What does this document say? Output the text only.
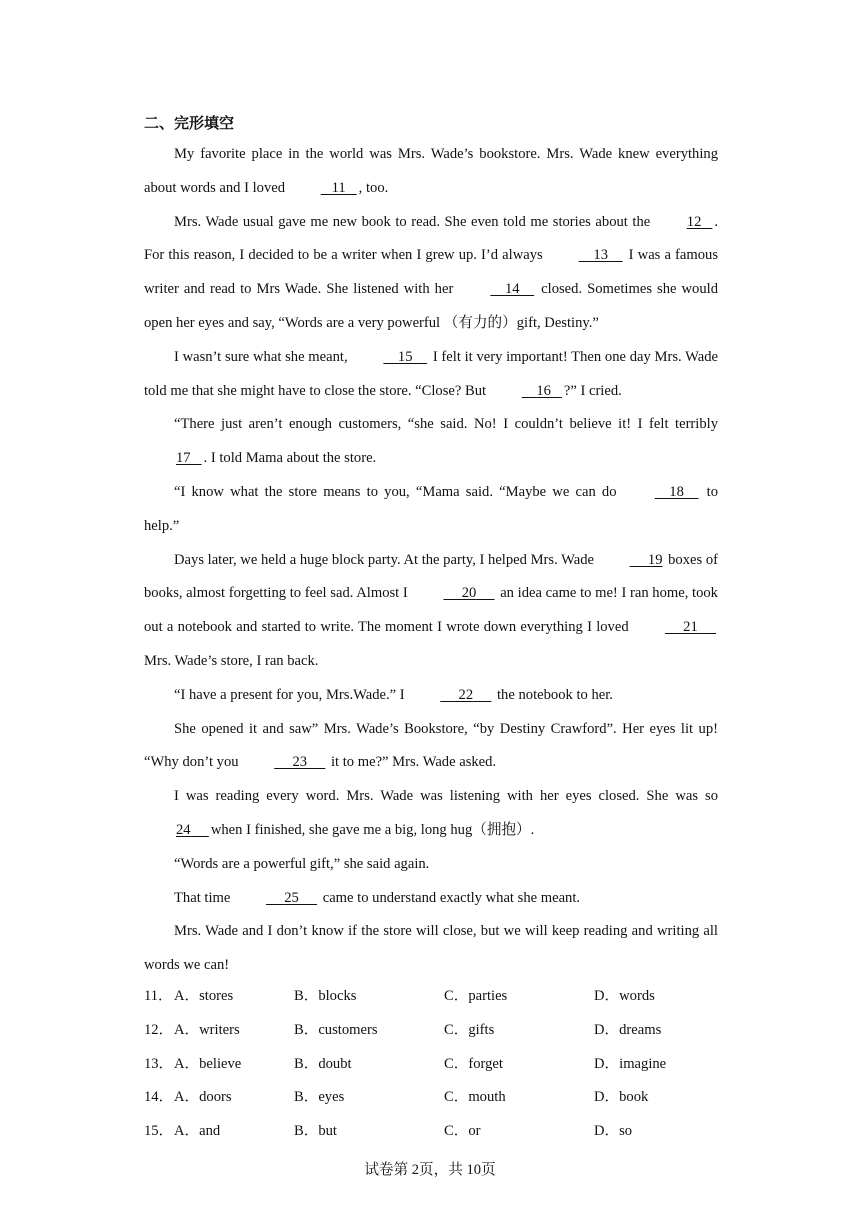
二、完形填空

My favorite place in the world was Mrs. Wade’s bookstore. Mrs. Wade knew everything about words and I loved	11 , too.

Mrs. Wade usual gave me new book to read. She even told me stories about the 12 . For this reason, I decided to be a writer when I grew up. I’d always	13     I was a famous writer and read to Mrs Wade. She listened with her	14     closed. Sometimes she would open her eyes and say, “Words are a very powerful （有力的）gift, Destiny.”

I wasn’t sure what she meant,	15     I felt it very important! Then one day Mrs. Wade told me that she might have to close the store. “Close? But	16 ?” I cried.

“There just aren’t enough customers, “she said. No! I couldn’t believe it! I felt terribly 17 . I told Mama about the store.

“I know what the store means to you, “Mama said. “Maybe we can do	18     to help.”

Days later, we held a huge block party. At the party, I helped Mrs. Wade	19 boxes of books, almost forgetting to feel sad. Almost I	20      an idea came to me! I ran home, took out a notebook and started to write. The moment I wrote down everything I loved	21      Mrs. Wade’s store, I ran back.

“I have a present for you, Mrs.Wade.” I	22      the notebook to her.

She opened it and saw” Mrs. Wade’s Bookstore, “by Destiny Crawford”. Her eyes lit up! “Why don’t you	23      it to me?” Mrs. Wade asked.

I was reading every word. Mrs. Wade was listening with her eyes closed. She was so 24 when I finished, she gave me a big, long hug（拥抱）.

“Words are a powerful gift,” she said again.

That time	25      came to understand exactly what she meant.

Mrs. Wade and I don’t know if the store will close, but we will keep reading and writing all words we can!

11． A．stores	B．blocks	C．parties	D．words
12． A．writers	B．customers	C．gifts	D．dreams
13． A．believe	B．doubt	C．forget	D．imagine
14． A．doors	B．eyes	C．mouth	D．book
15． A．and	B．but	C．or	D．so
试卷第 2页，共 10页
